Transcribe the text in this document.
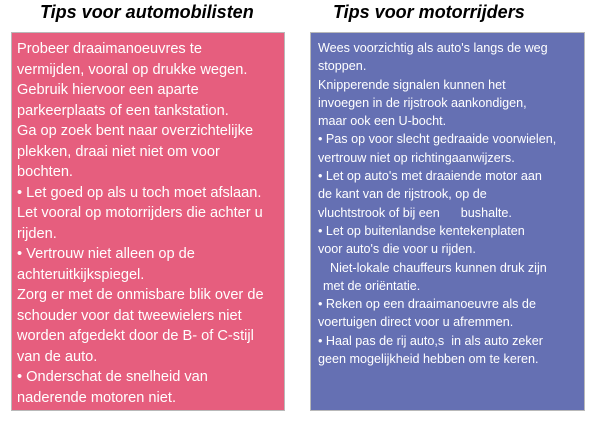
Tips voor automobilisten	Tips voor motorrijders
Probeer draaimanoeuvres te
vermijden, vooral op drukke wegen.
Gebruik hiervoor een aparte
parkeerplaats of een tankstation.
Ga op zoek bent naar overzichtelijke
plekken, draai niet niet om voor
bochten.
• Let goed op als u toch moet afslaan.
Let vooral op motorrijders die achter u
rijden.
• Vertrouw niet alleen op de
achteruitkijkspiegel.
Zorg er met de onmisbare blik over de
schouder voor dat tweewielers niet
worden afgedekt door de B- of C-stijl
van de auto.
• Onderschat de snelheid van
naderende motoren niet.
Wees voorzichtig als auto's langs de weg
stoppen.
Knipperende signalen kunnen het
invoegen in de rijstrook aankondigen,
maar ook een U-bocht.
• Pas op voor slecht gedraaide voorwielen,
vertrouw niet op richtingaanwijzers.
• Let op auto's met draaiende motor aan
de kant van de rijstrook, op de
vluchtstrook of bij een      bushalte.
• Let op buitenlandse kentekenplaten
voor auto's die voor u rijden.
Niet-lokale chauffeurs kunnen druk zijn
met de oriëntatie.
• Reken op een draaimanoeuvre als de
voertuigen direct voor u afremmen.
• Haal pas de rij auto,s  in als auto zeker
geen mogelijkheid hebben om te keren.
